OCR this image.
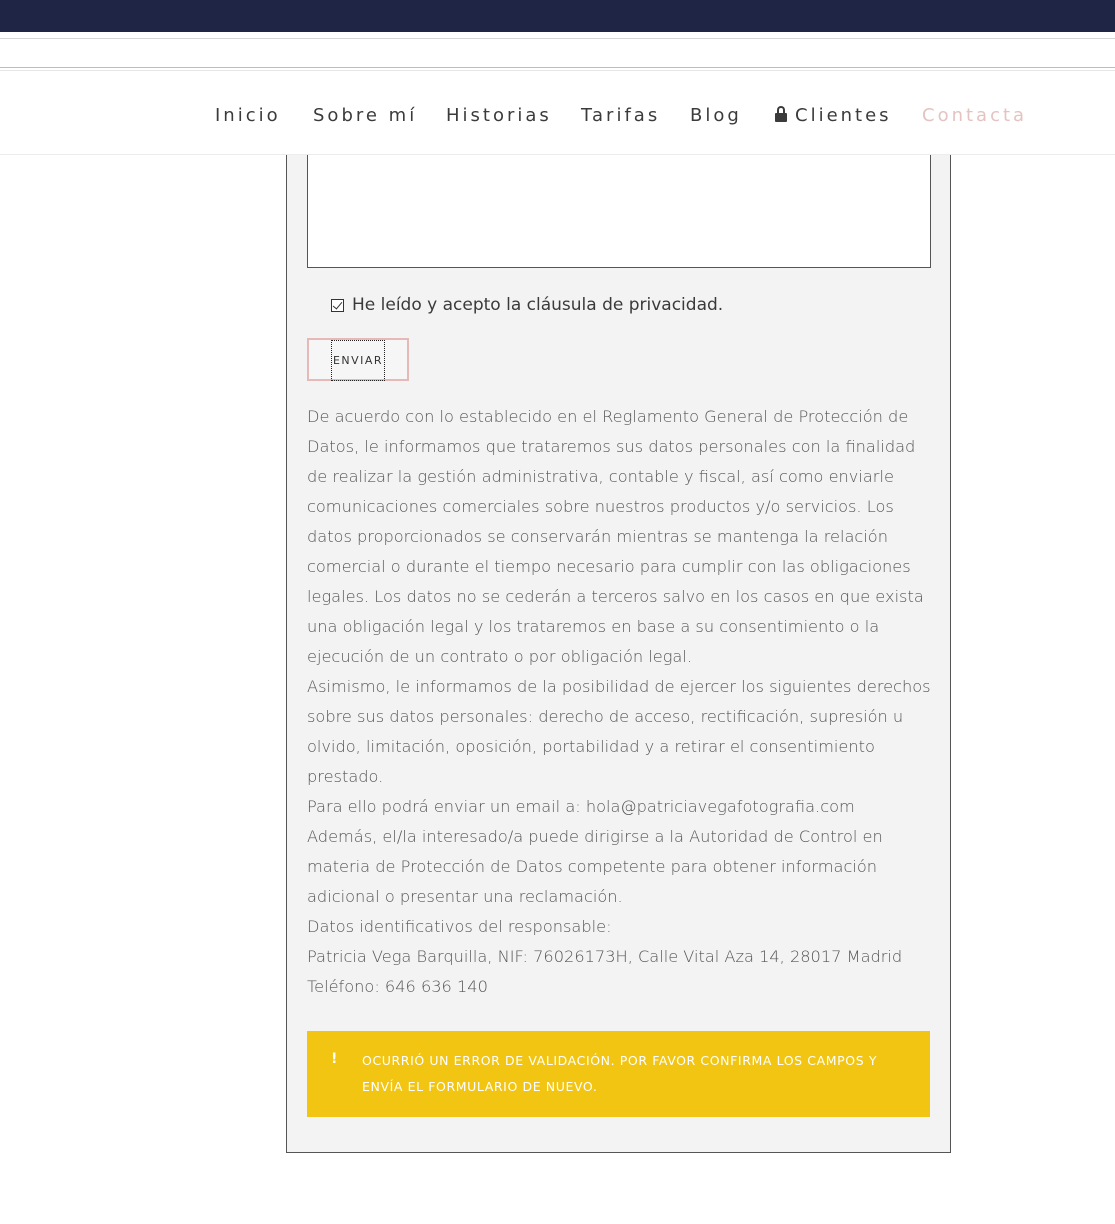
Inicio Sobre mí Historias Tarifas Blog	Clientes Contacta
He leído y acepto la cláusula de privacidad.
ENVIAR

De acuerdo con lo establecido en el Reglamento General de Protección de Datos, le informamos que trataremos sus datos personales con la finalidad de realizar la gestión administrativa, contable y fiscal, así como enviarle comunicaciones comerciales sobre nuestros productos y/o servicios. Los datos proporcionados se conservarán mientras se mantenga la relación comercial o durante el tiempo necesario para cumplir con las obligaciones legales. Los datos no se cederán a terceros salvo en los casos en que exista una obligación legal y los trataremos en base a su consentimiento o la ejecución de un contrato o por obligación legal.

Asimismo, le informamos de la posibilidad de ejercer los siguientes derechos sobre sus datos personales: derecho de acceso, rectificación, supresión u olvido, limitación, oposición, portabilidad y a retirar el consentimiento prestado.

Para ello podrá enviar un email a: hola@patriciavegafotografia.com

Además, el/la interesado/a puede dirigirse a la Autoridad de Control en materia de Protección de Datos competente para obtener información adicional o presentar una reclamación.

Datos identificativos del responsable:

Patricia Vega Barquilla, NIF: 76026173H, Calle Vital Aza 14, 28017 Madrid

Teléfono: 646 636 140

! OCURRIÓ UN ERROR DE VALIDACIÓN. POR FAVOR CONFIRMA LOS CAMPOS Y ENVÍA EL FORMULARIO DE NUEVO.
